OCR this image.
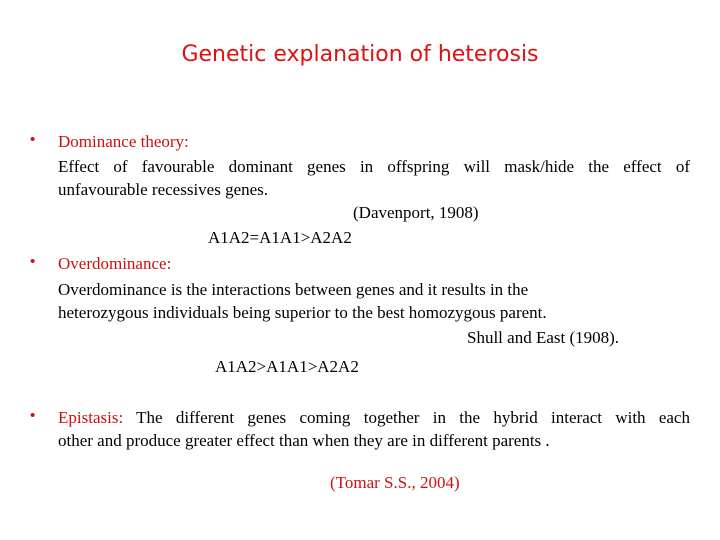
Genetic explanation of heterosis
• Dominance theory:
Effect of favourable dominant genes in offspring will mask/hide the effect of
unfavourable recessives genes.
(Davenport, 1908)
A1A2=A1A1>A2A2
• Overdominance:
Overdominance is the interactions between genes and it results in the
heterozygous individuals being superior to the best homozygous parent.
Shull and East (1908).
A1A2>A1A1>A2A2
• Epistasis: The different genes coming together in the hybrid interact with each
other and produce greater effect than when they are in different parents .
(Tomar S.S., 2004)
